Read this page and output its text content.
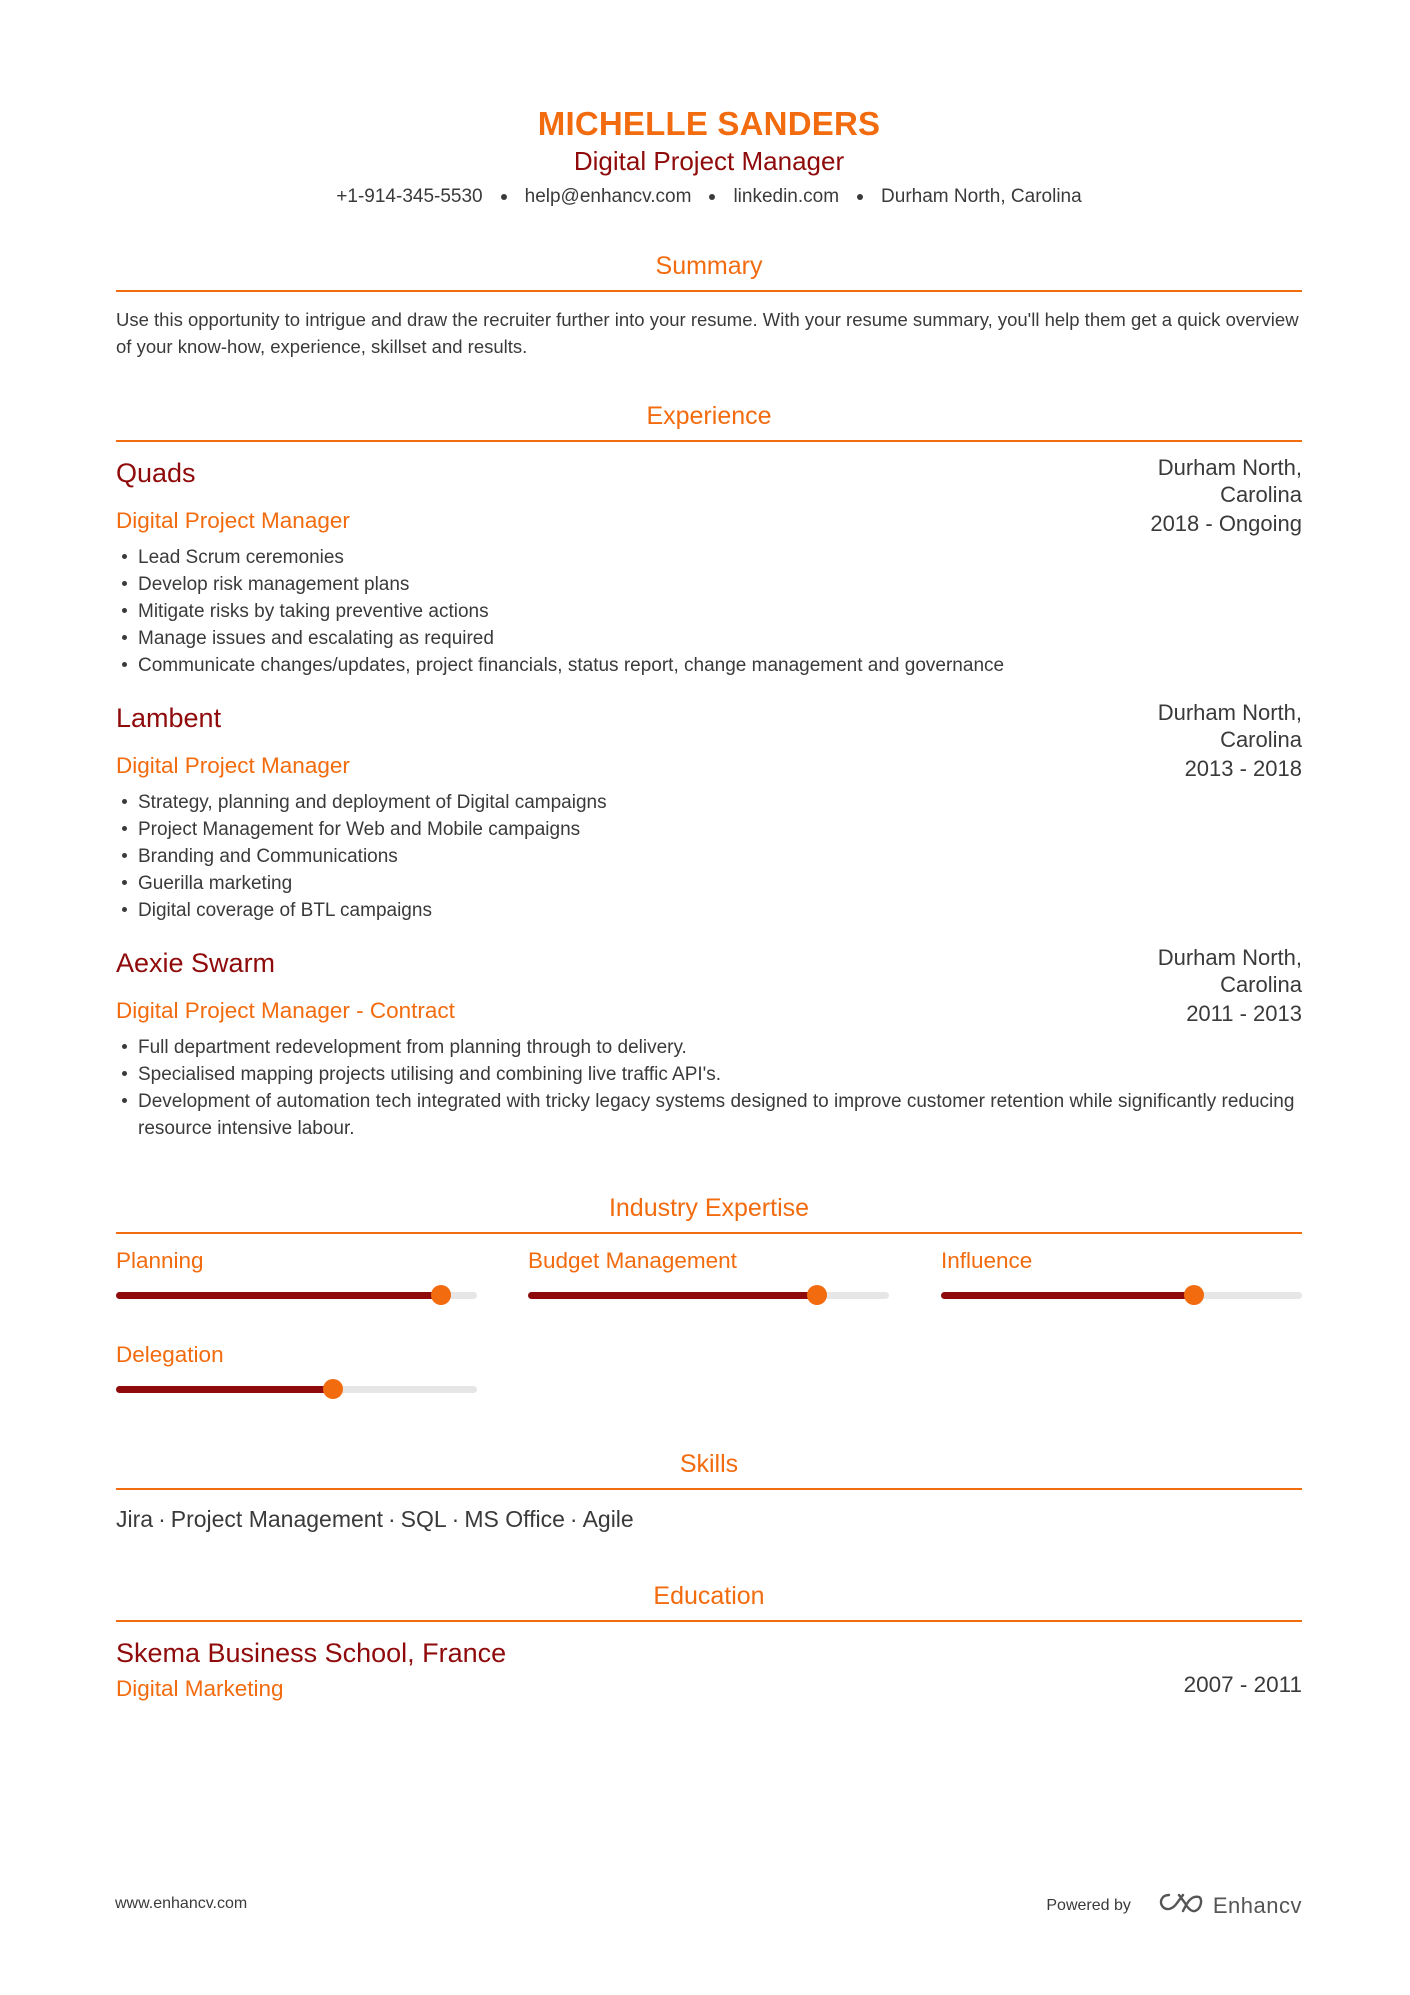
MICHELLE SANDERS
Digital Project Manager
+1-914-345-5530 help@enhancv.com linkedin.com Durham North, Carolina
Summary
Use this opportunity to intrigue and draw the recruiter further into your resume. With your resume summary, you'll help them get a quick overview of your know-how, experience, skillset and results.
Experience
Quads
Digital Project Manager
Durham North,
Carolina
2018 - Ongoing
Lead Scrum ceremonies
Develop risk management plans
Mitigate risks by taking preventive actions
Manage issues and escalating as required
Communicate changes/updates, project financials, status report, change management and governance
Lambent
Digital Project Manager
Durham North,
Carolina
2013 - 2018
Strategy, planning and deployment of Digital campaigns
Project Management for Web and Mobile campaigns
Branding and Communications
Guerilla marketing
Digital coverage of BTL campaigns
Aexie Swarm
Digital Project Manager - Contract
Durham North,
Carolina
2011 - 2013
Full department redevelopment from planning through to delivery.
Specialised mapping projects utilising and combining live traffic API's.
Development of automation tech integrated with tricky legacy systems designed to improve customer retention while significantly reducing resource intensive labour.
Industry Expertise
Planning	Budget Management	Influence
Delegation
Skills
Jira · Project Management · SQL · MS Office · Agile
Education
Skema Business School, France
Digital Marketing	2007 - 2011
www.enhancv.com	Powered by	Enhancv
